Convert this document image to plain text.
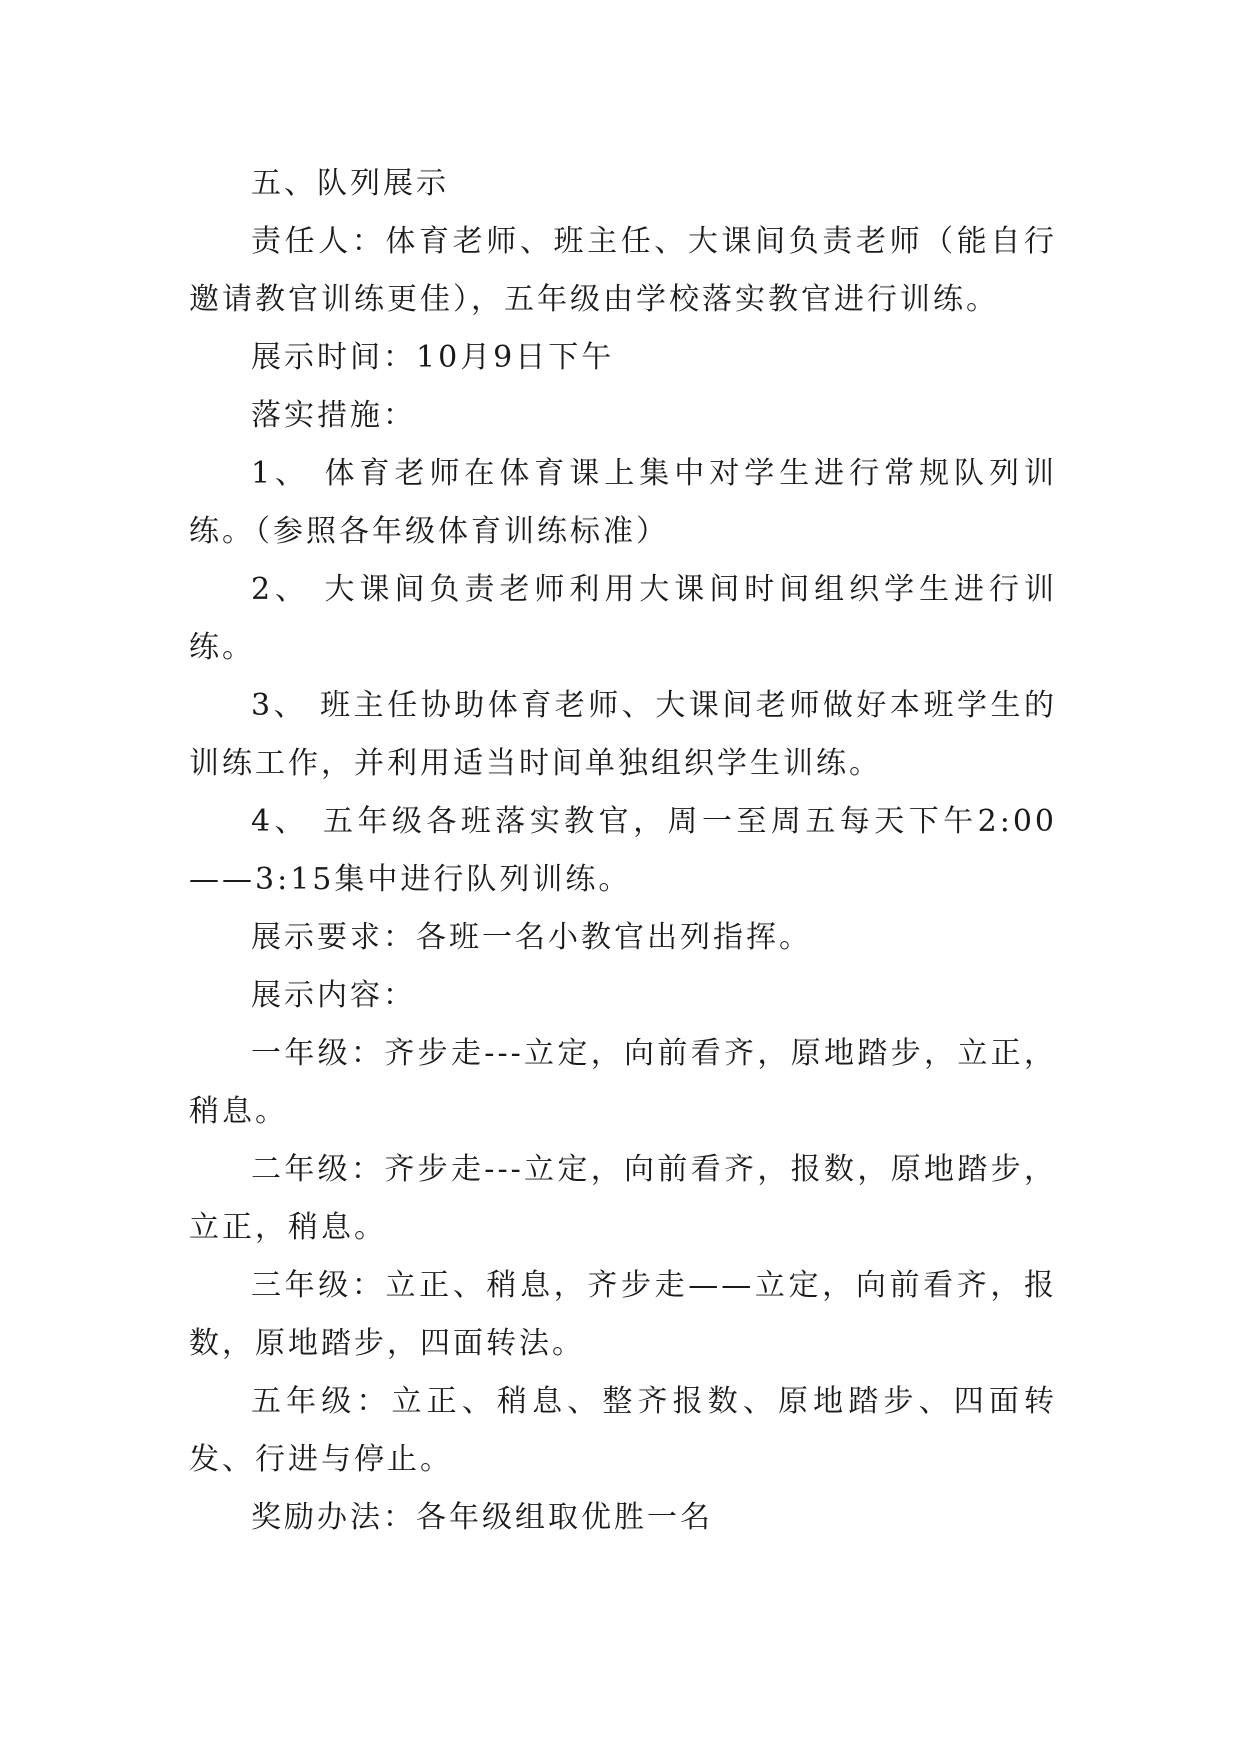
五、队列展示

责任人：体育老师、班主任、大课间负责老师（能自行邀请教官训练更佳），五年级由学校落实教官进行训练。

展示时间：10月9日下午

落实措施：

1、 体育老师在体育课上集中对学生进行常规队列训练。（参照各年级体育训练标准）

2、 大课间负责老师利用大课间时间组织学生进行训练。

3、 班主任协助体育老师、大课间老师做好本班学生的训练工作，并利用适当时间单独组织学生训练。

4、 五年级各班落实教官，周一至周五每天下午2:00——3:15集中进行队列训练。

展示要求：各班一名小教官出列指挥。

展示内容：

一年级：齐步走---立定，向前看齐，原地踏步，立正，稍息。

二年级：齐步走---立定，向前看齐，报数，原地踏步，立正，稍息。

三年级：立正、稍息，齐步走——立定，向前看齐，报数，原地踏步，四面转法。

五年级：立正、稍息、整齐报数、原地踏步、四面转发、行进与停止。

奖励办法：各年级组取优胜一名
